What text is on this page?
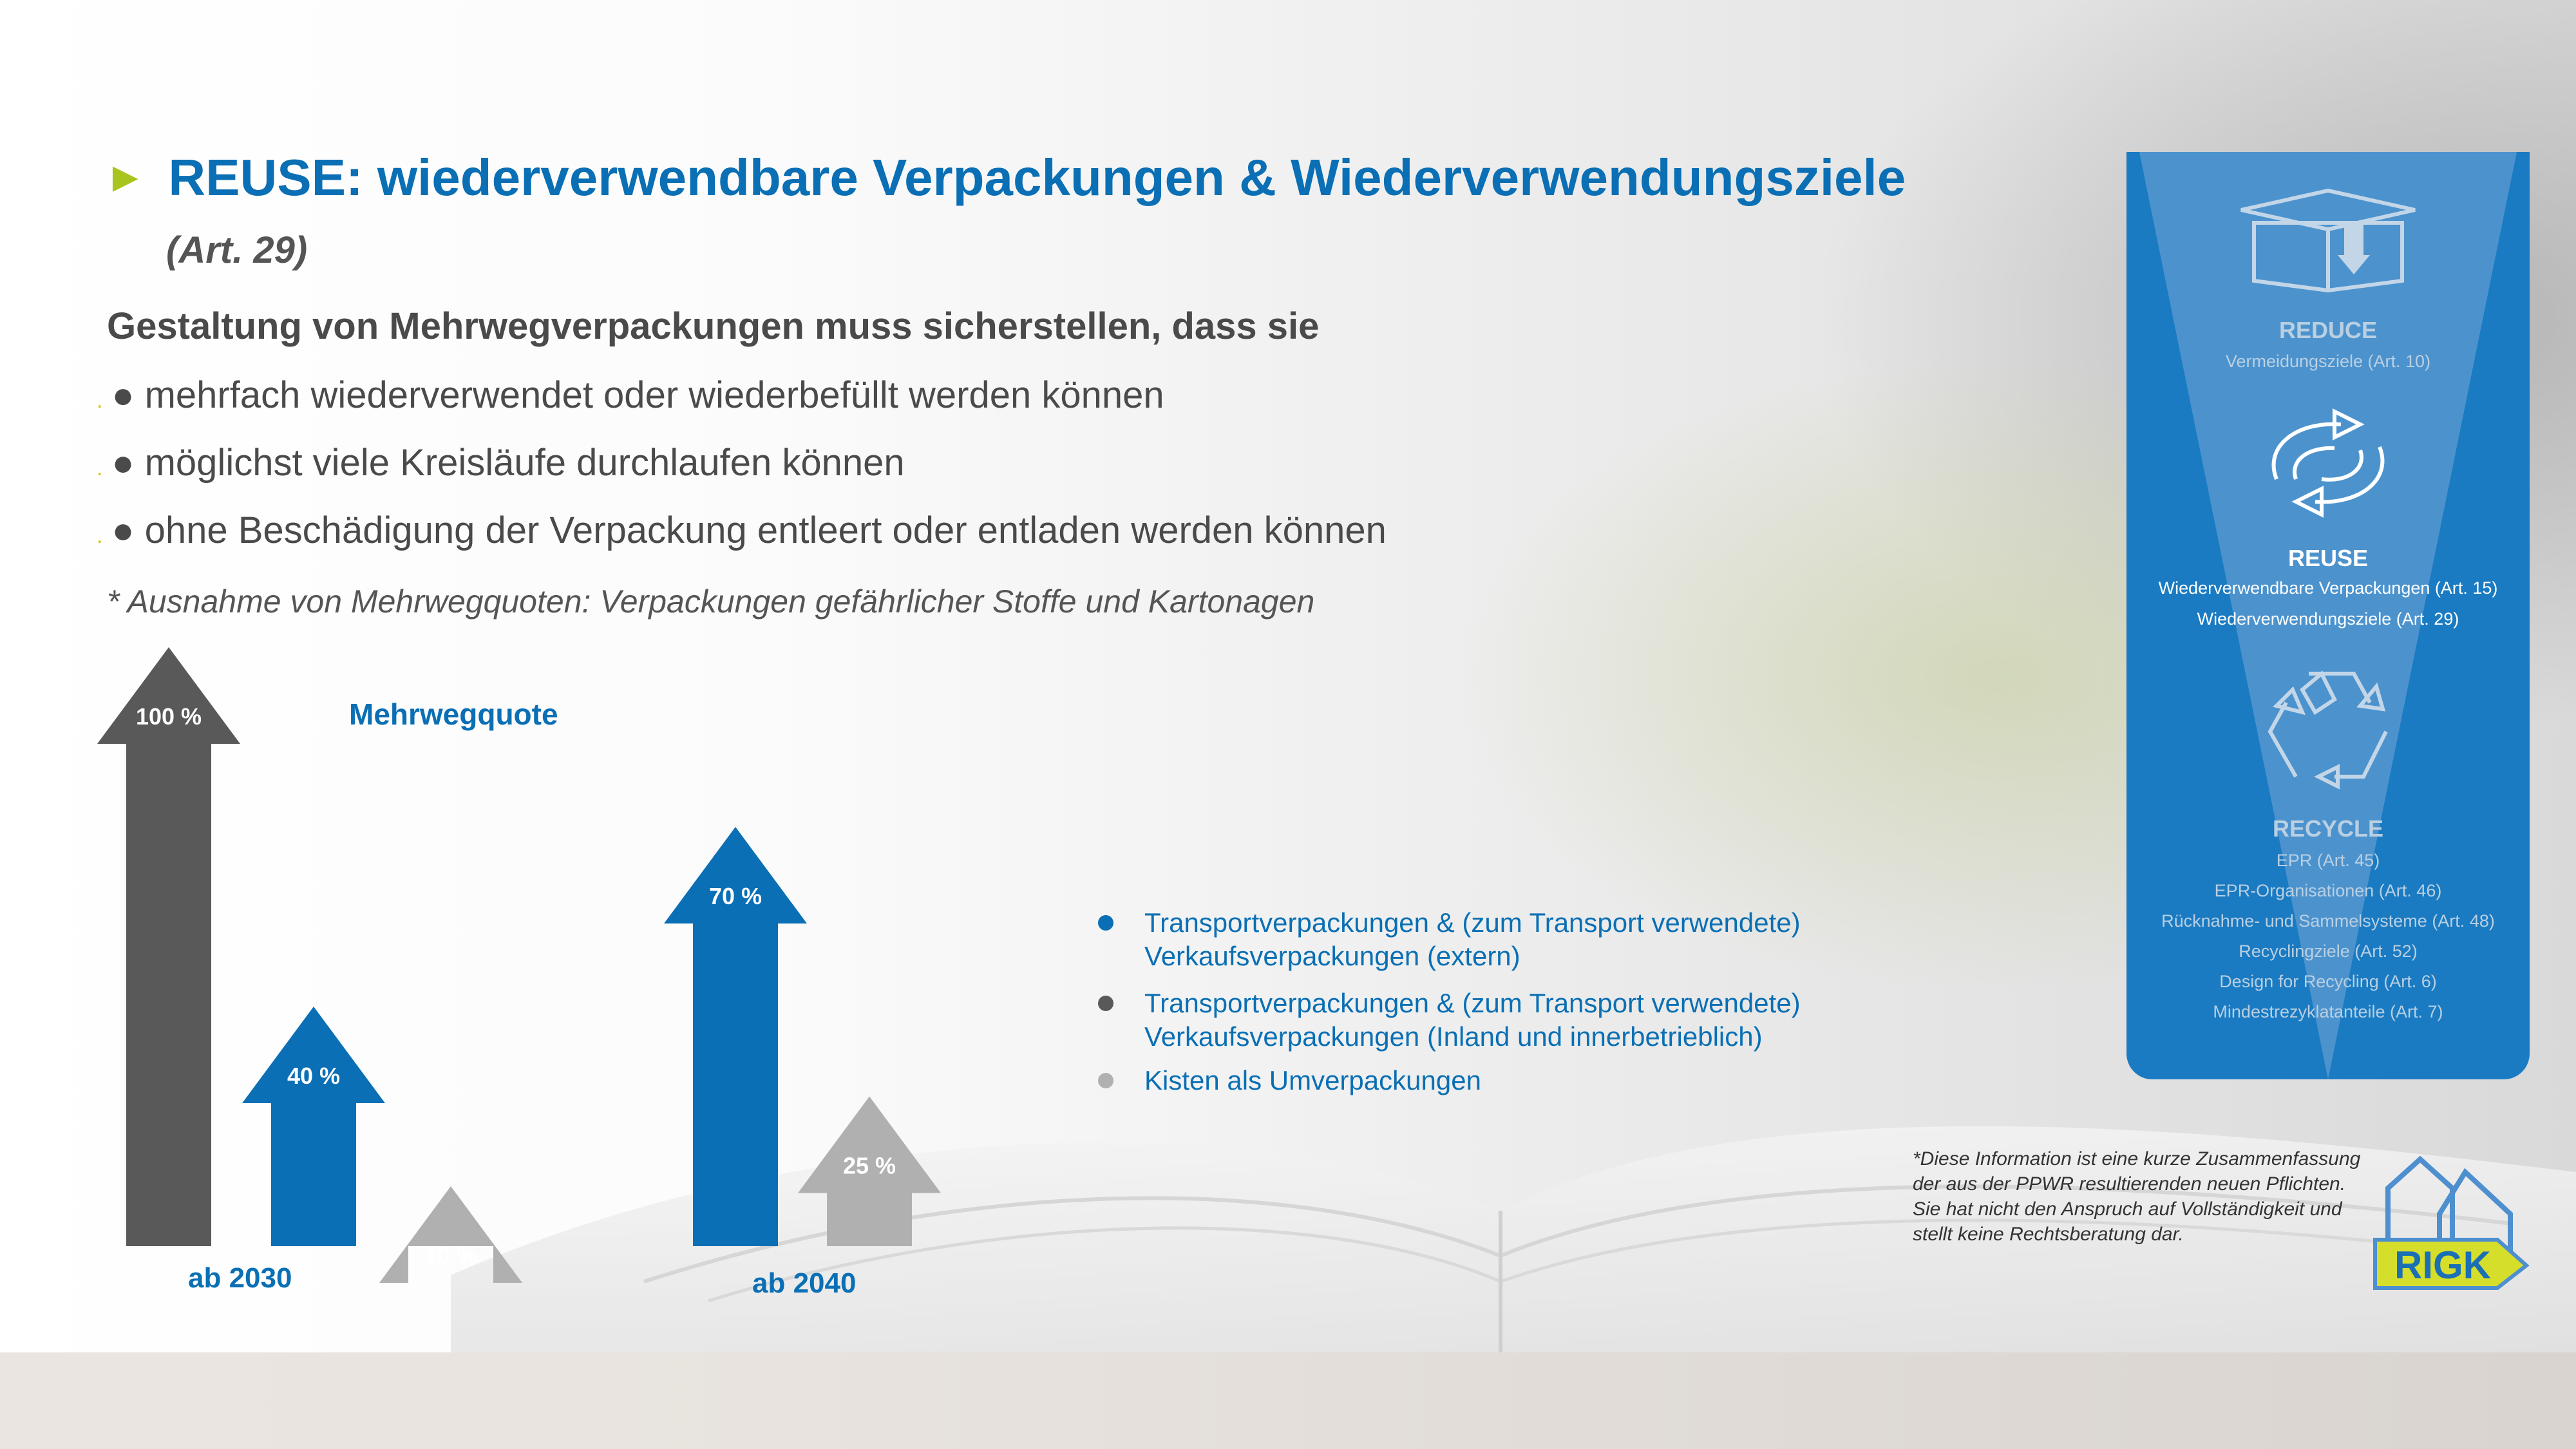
► REUSE: wiederverwendbare Verpackungen & Wiederverwendungsziele
(Art. 29)
Gestaltung von Mehrwegverpackungen muss sicherstellen, dass sie
. ● mehrfach wiederverwendet oder wiederbefüllt werden können
. ● möglichst viele Kreisläufe durchlaufen können
. ● ohne Beschädigung der Verpackung entleert oder entladen werden können
* Ausnahme von Mehrwegquoten: Verpackungen gefährlicher Stoffe und Kartonagen
Mehrwegquote
100 %
40 %
10 %
70 %
25 %
ab 2030	ab 2040
Transportverpackungen & (zum Transport verwendete) Verkaufsverpackungen (extern)
Transportverpackungen & (zum Transport verwendete) Verkaufsverpackungen (Inland und innerbetrieblich)
Kisten als Umverpackungen
REDUCE
Vermeidungsziele (Art. 10)
REUSE
Wiederverwendbare Verpackungen (Art. 15)
Wiederverwendungsziele (Art. 29)
RECYCLE
EPR (Art. 45)
EPR-Organisationen (Art. 46)
Rücknahme- und Sammelsysteme (Art. 48)
Recyclingziele (Art. 52)
Design for Recycling (Art. 6)
Mindestrezyklatanteile (Art. 7)
*Diese Information ist eine kurze Zusammenfassung der aus der PPWR resultierenden neuen Pflichten. Sie hat nicht den Anspruch auf Vollständigkeit und stellt keine Rechtsberatung dar.
RIGK
